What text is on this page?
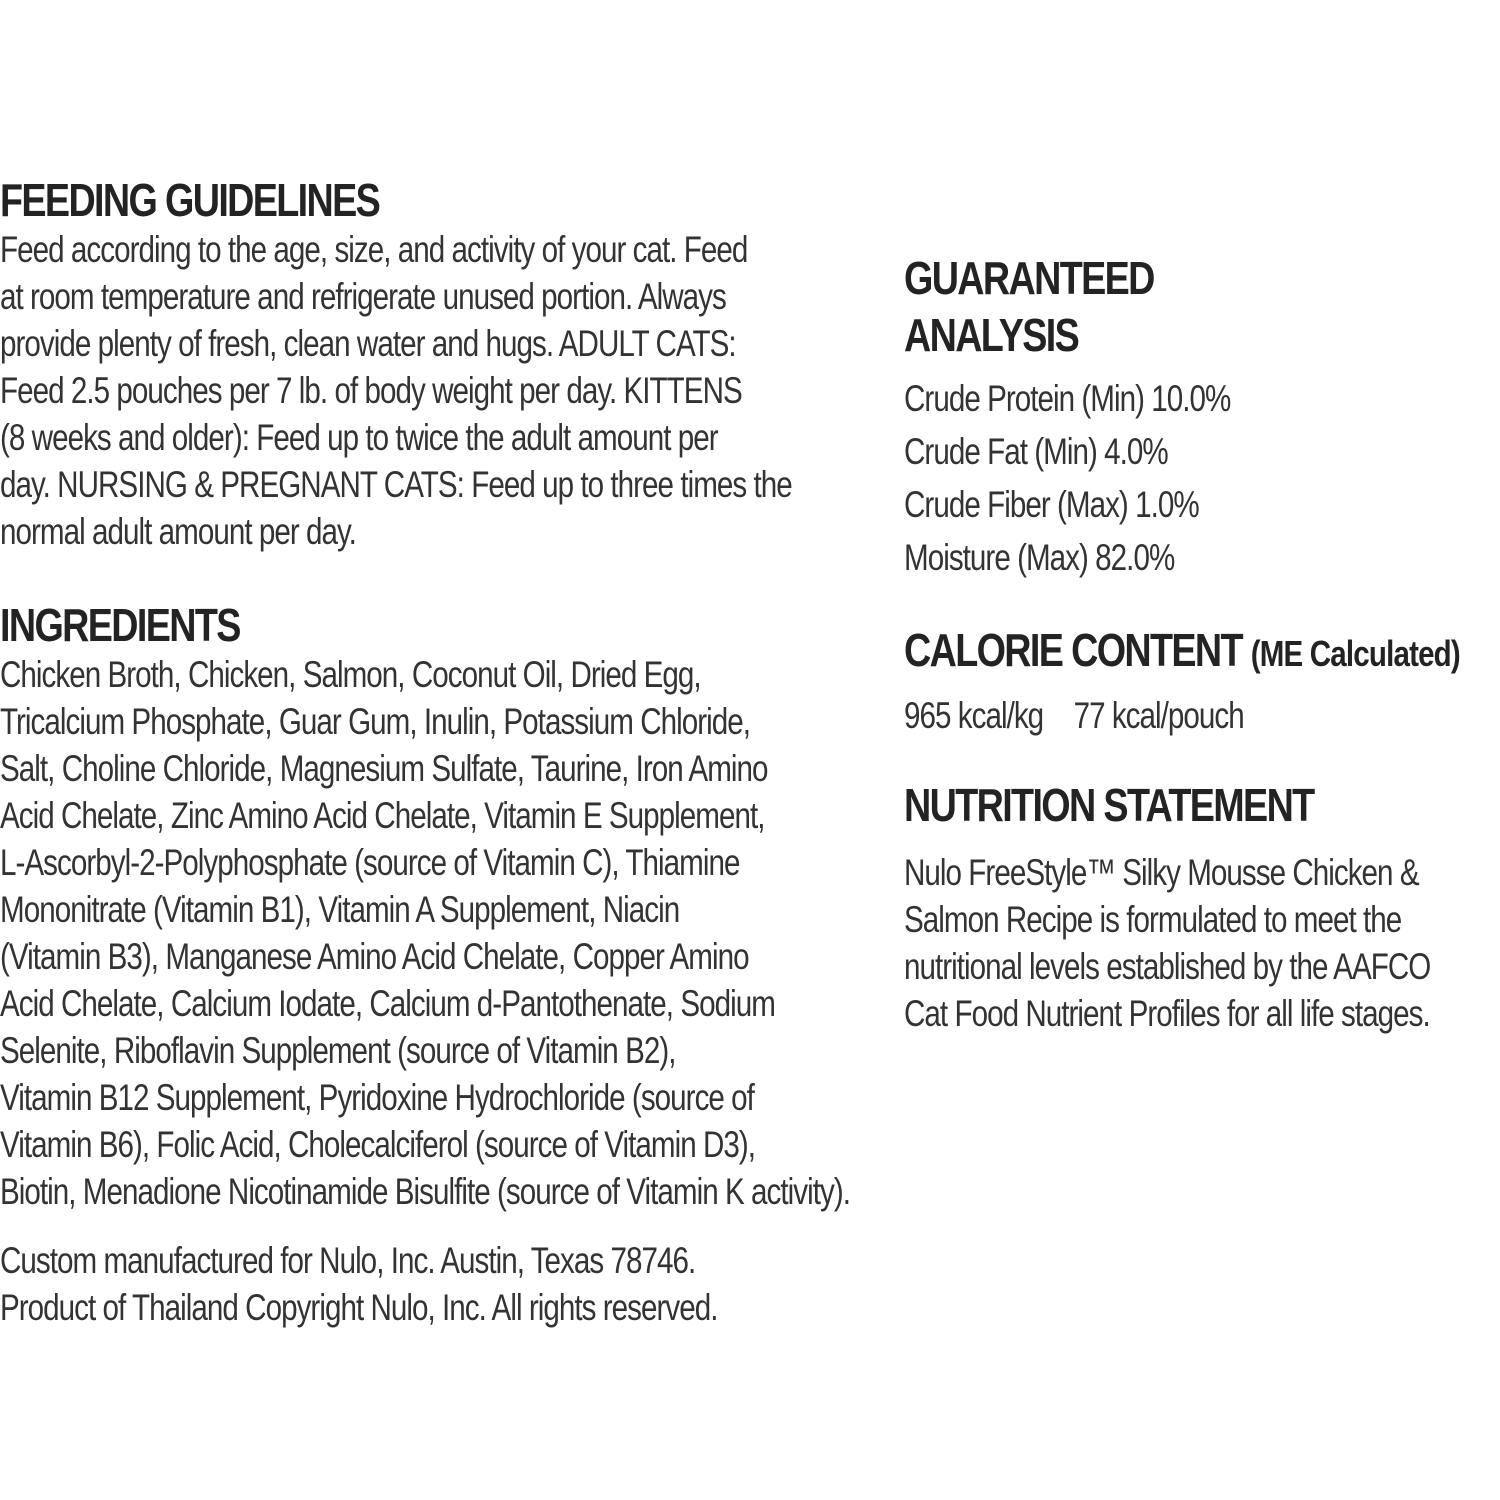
FEEDING GUIDELINES
Feed according to the age, size, and activity of your cat. Feed
at room temperature and refrigerate unused portion. Always
provide plenty of fresh, clean water and hugs. ADULT CATS:
Feed 2.5 pouches per 7 lb. of body weight per day. KITTENS
(8 weeks and older): Feed up to twice the adult amount per
day. NURSING & PREGNANT CATS: Feed up to three times the
normal adult amount per day.
INGREDIENTS
Chicken Broth, Chicken, Salmon, Coconut Oil, Dried Egg,
Tricalcium Phosphate, Guar Gum, Inulin, Potassium Chloride,
Salt, Choline Chloride, Magnesium Sulfate, Taurine, Iron Amino
Acid Chelate, Zinc Amino Acid Chelate, Vitamin E Supplement,
L-Ascorbyl-2-Polyphosphate (source of Vitamin C), Thiamine
Mononitrate (Vitamin B1), Vitamin A Supplement, Niacin
(Vitamin B3), Manganese Amino Acid Chelate, Copper Amino
Acid Chelate, Calcium Iodate, Calcium d-Pantothenate, Sodium
Selenite, Riboflavin Supplement (source of Vitamin B2),
Vitamin B12 Supplement, Pyridoxine Hydrochloride (source of
Vitamin B6), Folic Acid, Cholecalciferol (source of Vitamin D3),
Biotin, Menadione Nicotinamide Bisulfite (source of Vitamin K activity).
Custom manufactured for Nulo, Inc. Austin, Texas 78746.
Product of Thailand Copyright Nulo, Inc. All rights reserved.
GUARANTEED
ANALYSIS
Crude Protein (Min) 10.0%
Crude Fat (Min) 4.0%
Crude Fiber (Max) 1.0%
Moisture (Max) 82.0%
CALORIE CONTENT (ME Calculated)
965 kcal/kg 77 kcal/pouch
NUTRITION STATEMENT
Nulo FreeStyle™ Silky Mousse Chicken &
Salmon Recipe is formulated to meet the
nutritional levels established by the AAFCO
Cat Food Nutrient Profiles for all life stages.
